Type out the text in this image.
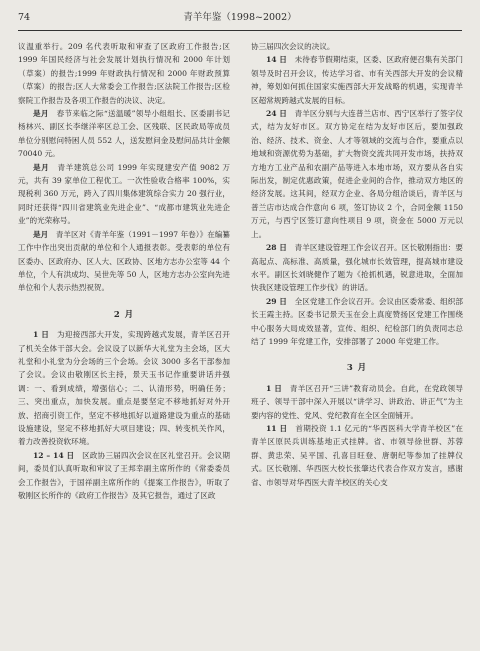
74	青羊年鉴（1998~2002）

议温重举行。209 名代表听取和审查了区政府工作报告;区 1999 年国民经济与社会发展计划执行情况和 2000 年计划（草案）的报告;1999 年财政执行情况和 2000 年财政预算（草案）的报告;区人大常委会工作报告;区法院工作报告;区检察院工作报告及各项工作报告的决议、决定。

是月  春节来临之际“送温暖”领导小组组长、区委副书记杨林兴、副区长李继洋率区总工会、区残联、区民政局等成员单位分别慰问特困人员 552 人，送发慰问金及慰问品共计金额 70040 元。

是月  青羊建筑总公司 1999 年实现建安产值 9082 万元，共有 39 家单位工程优工。一次性验收合格率 100%，实现税利 360 万元，跨入了四川集体建筑综合实力 20 强行业，同时还获得“四川省建筑业先进企业”、“成都市建筑业先进企业”的光荣称号。

是月  青羊区对《青羊年鉴（1991－1997 年卷）》在编纂工作中作出突出贡献的单位和个人通报表彰。受表彰的单位有区委办、区政府办、区人大、区政协、区地方志办公室等 44 个单位，个人有洪成均、吴世先等 50 人，区地方志办公室向先进单位和个人表示热烈祝贺。

2 月

1 日  为迎接西部大开发，实现跨越式发展，青羊区召开了机关全体干部大会。会议设了以新华大礼堂为主会场，区大礼堂和小礼堂为分会场的三个会场。会议 3000 多名干部参加了会议。会议由敬刚区长主持，景天玉书记作重要讲话并强调：一、看到成绩，增强信心；二、认清形势，明确任务；三、突出重点，加快发展。重点是要坚定不移地抓好对外开放、招商引资工作，坚定不移地抓好以道路建设为重点的基础设施建设，坚定不移地抓好大项目建设；四、转变机关作风，着力改善投资软环境。

12 – 14 日  区政协三届四次会议在区礼堂召开。会议期间，委员们认真听取和审议了王邦幸副主席所作的《常委委员会工作报告》，于国祥副主席所作的《提案工作报告》，听取了敬刚区长所作的《政府工作报告》及其它报告，通过了区政

协三届四次会议的决议。

14 日  未待春节假期结束，区委、区政府便召集有关部门领导及时召开会议，传达学习省、市有关西部大开发的会议精神，筹划如何抓住国家实施西部大开发战略的机遇，实现青羊区超常规跨越式发展的目标。

24 日  青羊区分别与大连普兰店市、西宁区举行了签字仪式，结为友好市区。双方协定在结为友好市区后，要加强政治、经济、技术、资金、人才等领域的交流与合作，要重点以地域和资源优势为基础，扩大物资交流共同开发市场，扶持双方地方工业产品和农副产品等进入本地市场，双方要从各自实际出发，制定优惠政策，促进企业间的合作，推动双方地区的经济发展。这其间，经双方企业、各局分组洽谈后，青羊区与普兰店市达成合作意向 6 项，签订协议 2 个，合同金额 1150 万元，与西宁区签订意向性项目 9 项，资金在 5000 万元以上。

28 日  青羊区建设管理工作会议召开。区长敬刚指出：要高起点、高标准、高质量，强化城市长效管理，提高城市建设水平。副区长刘晓健作了题为《抢抓机遇，锐意进取，全面加快我区建设管理工作步伐》的讲话。

29 日  全区党建工作会议召开。会议由区委常委、组织部长王霞主持。区委书记景天玉在会上真度赞扬区党建工作围绕中心服务大局成效显著，宣传、组织、纪检部门的负责同志总结了 1999 年党建工作，安排部署了 2000 年党建工作。

3 月

1 日  青羊区召开“三讲”教育动员会。自此，在党政领导班子、领导干部中深入开展以“讲学习、讲政治、讲正气”为主要内容的党性、党风、党纪教育在全区全面铺开。

11 日  首期投资 1.1 亿元的“华西医科大学青羊校区”在青羊区原民兵训练基地正式挂牌。省、市领导徐世群、苏蓉群、黄忠荣、吴平国、孔喜目旺登、唐朝纪等参加了挂牌仪式。区长敬刚、华西医大校长张肇达代表合作双方发言，感谢省、市领导对华西医大青羊校区的关心支
